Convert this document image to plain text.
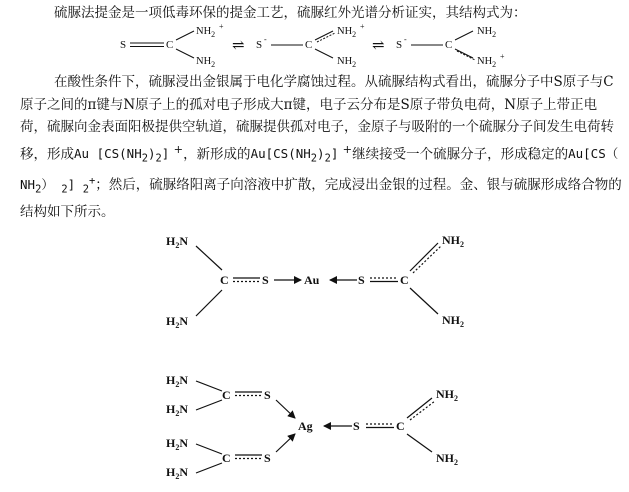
硫脲法提金是一项低毒环保的提金工艺，硫脲红外光谱分析证实，其结构式为：

在酸性条件下，硫脲浸出金银属于电化学腐蚀过程。从硫脲结构式看出，硫脲分子中S原子与C原子之间的π键与N原子上的孤对电子形成大π键，电子云分布是S原子带负电荷，N原子上带正电荷，硫脲向金表面阳极提供空轨道，硫脲提供孤对电子，金原子与吸附的一个硫脲分子间发生电荷转移，形成Au $[CS(NH_2)_2]$ +，新形成的$Au[CS(NH_2)_2]$ +继续接受一个硫脲分子，形成稳定的Au[CS（ $NH_2$） $_2$] $_2$+；然后，硫脲络阳离子向溶液中扩散，完成浸出金银的过程。金、银与硫脲形成络合物的结构如下所示。

S	C
$NH_2$
+
$NH_2$
⇌ S -	C
$NH_2$
+
$NH_2$
⇌ S -	C
$NH_2$
$NH_2$
+
$H_2N$
$H_2N$
C	S	Au	S	C
$NH_2$
$NH_2$
$H_2N$
$H_2N$
C	S
$H_2N$
$H_2N$
C	S
Ag	S	C
$NH_2$
$NH_2$
